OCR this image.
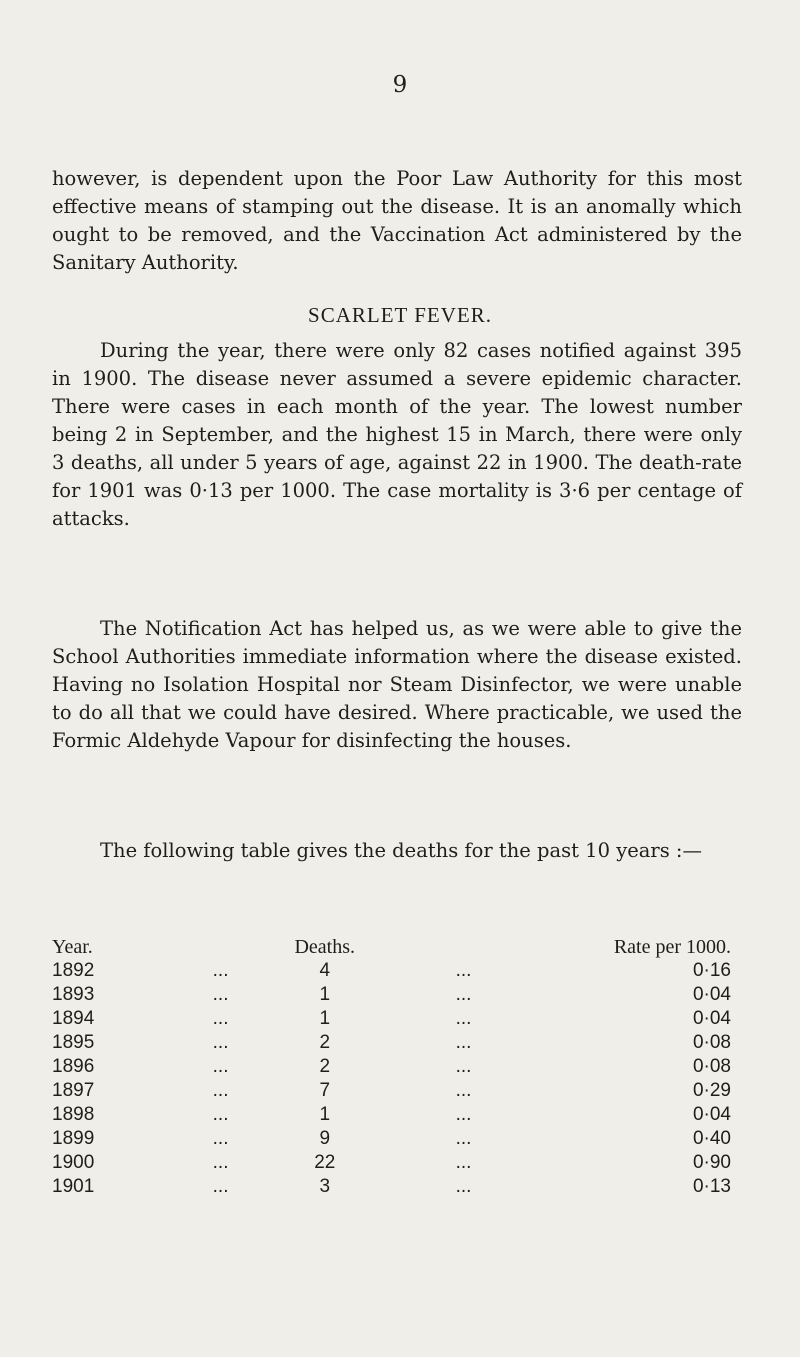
9

however, is dependent upon the Poor Law Authority for this most effective means of stamping out the disease. It is an anomally which ought to be removed, and the Vaccination Act administered by the Sanitary Authority.

SCARLET FEVER.

During the year, there were only 82 cases notified against 395 in 1900. The disease never assumed a severe epidemic character. There were cases in each month of the year. The lowest number being 2 in September, and the highest 15 in March, there were only 3 deaths, all under 5 years of age, against 22 in 1900. The death-rate for 1901 was 0·13 per 1000. The case mortality is 3·6 per centage of attacks.

The Notification Act has helped us, as we were able to give the School Authorities immediate information where the disease existed. Having no Isolation Hospital nor Steam Disinfector, we were unable to do all that we could have desired. Where practicable, we used the Formic Aldehyde Vapour for disinfecting the houses.

The following table gives the deaths for the past 10 years :—

Year.		Deaths.		Rate per 1000.
1892	...	4	...	0·16
1893	...	1	...	0·04
1894	...	1	...	0·04
1895	...	2	...	0·08
1896	...	2	...	0·08
1897	...	7	...	0·29
1898	...	1	...	0·04
1899	...	9	...	0·40
1900	...	22	...	0·90
1901	...	3	...	0·13
